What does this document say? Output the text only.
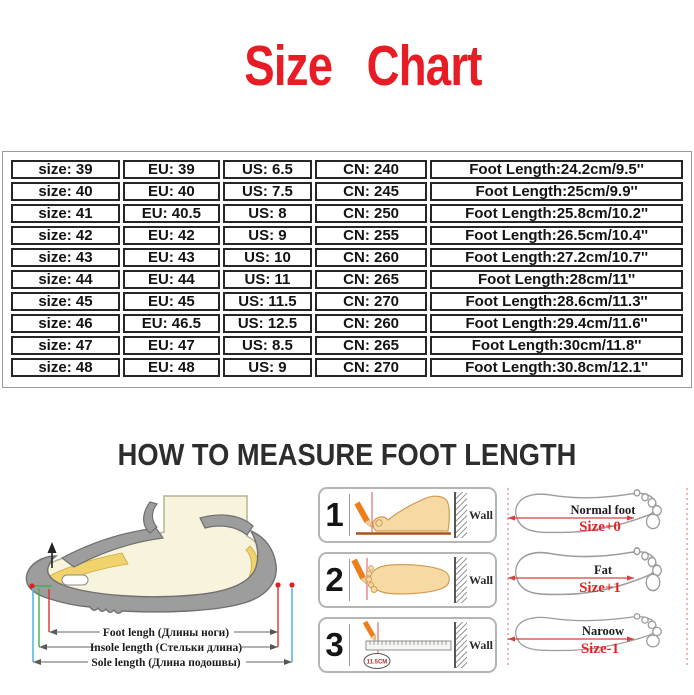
Size Chart
size: 39	EU: 39	US: 6.5	CN: 240	Foot Length:24.2cm/9.5''
size: 40	EU: 40	US: 7.5	CN: 245	Foot Length:25cm/9.9''
size: 41	EU: 40.5	US: 8	CN: 250	Foot Length:25.8cm/10.2''
size: 42	EU: 42	US: 9	CN: 255	Foot Length:26.5cm/10.4''
size: 43	EU: 43	US: 10	CN: 260	Foot Length:27.2cm/10.7''
size: 44	EU: 44	US: 11	CN: 265	Foot Length:28cm/11''
size: 45	EU: 45	US: 11.5	CN: 270	Foot Length:28.6cm/11.3''
size: 46	EU: 46.5	US: 12.5	CN: 260	Foot Length:29.4cm/11.6''
size: 47	EU: 47	US: 8.5	CN: 265	Foot Length:30cm/11.8''
size: 48	EU: 48	US: 9	CN: 270	Foot Length:30.8cm/12.1''
HOW TO MEASURE FOOT LENGTH
Foot lengh (Длины ноги)
Insole length (Стельки длина)
Sole length (Длина подошвы)
1	Wall
2	Wall
3	11.5CM
Wall
Normal foot
Size+0
Fat
Size+1
Naroow
Size-1
